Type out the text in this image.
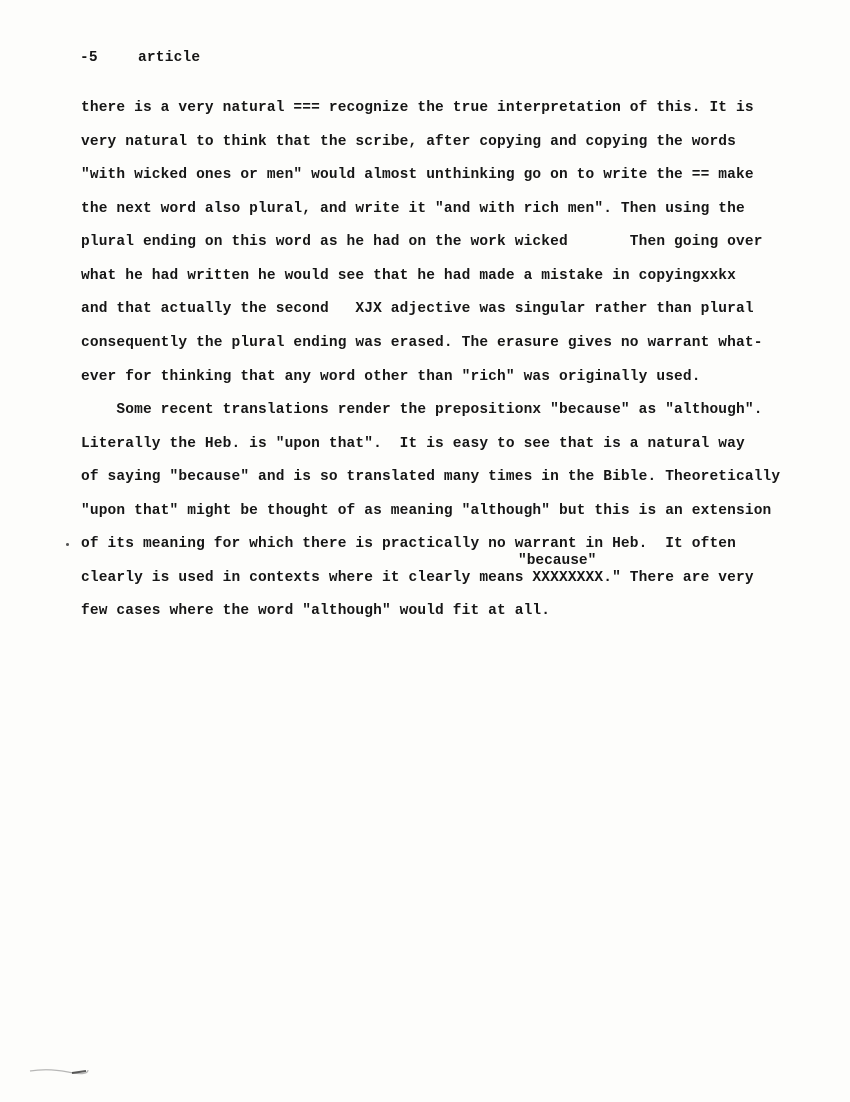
-5	article
there is a very natural === recognize the true interpretation of this. It is
very natural to think that the scribe, after copying and copying the words
"with wicked ones or men" would almost unthinking go on to write the == make
the next word also plural, and write it "and with rich men". Then using the
plural ending on this word as he had on the work wicked       Then going over
what he had written he would see that he had made a mistake in copyingxxkx
and that actually the second   XJX adjective was singular rather than plural
consequently the plural ending was erased. The erasure gives no warrant what-
ever for thinking that any word other than "rich" was originally used.
Some recent translations render the prepositionx "because" as "although".
Literally the Heb. is "upon that".  It is easy to see that is a natural way
of saying "because" and is so translated many times in the Bible. Theoretically
"upon that" might be thought of as meaning "although" but this is an extension
of its meaning for which there is practically no warrant in Heb.  It often
"because"
clearly is used in contexts where it clearly means XXXXXXXX." There are very
few cases where the word "although" would fit at all.
